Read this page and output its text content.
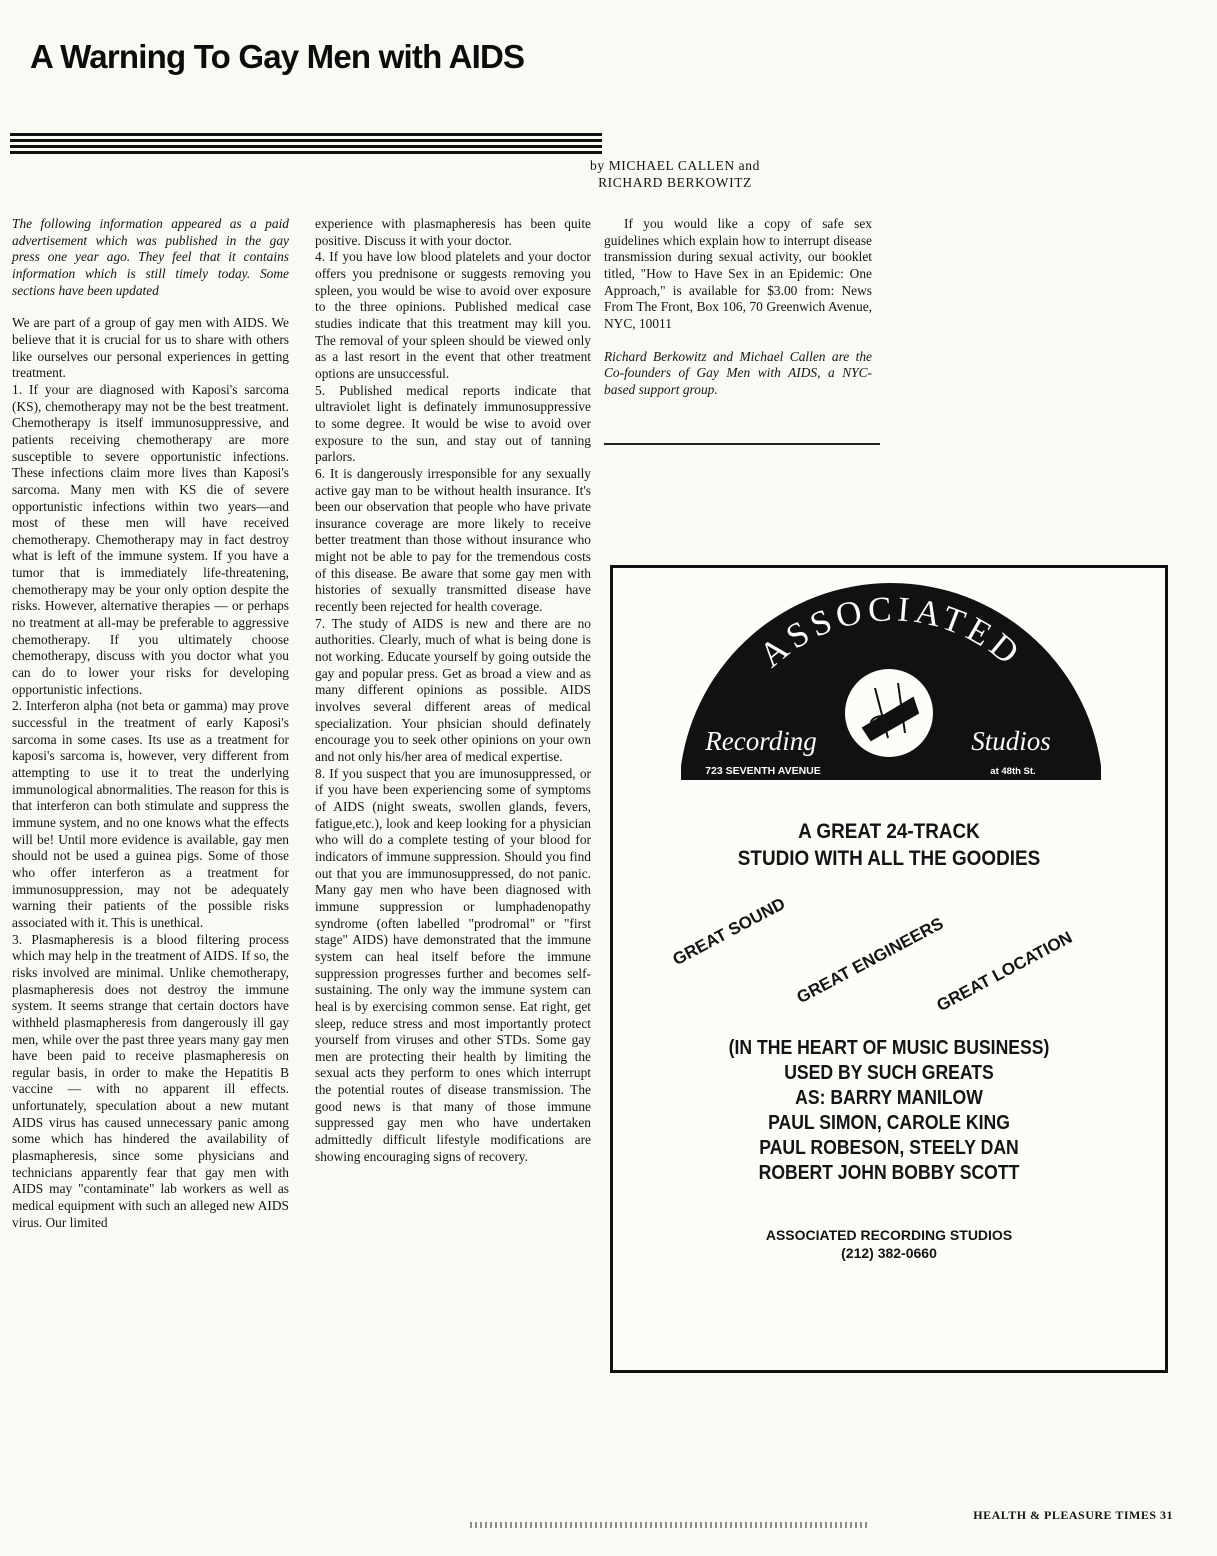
A Warning To Gay Men with AIDS
by MICHAEL CALLEN and
RICHARD BERKOWITZ

The following information appeared as a paid advertisement which was published in the gay press one year ago. They feel that it contains information which is still timely today. Some sections have been updated

We are part of a group of gay men with AIDS. We believe that it is crucial for us to share with others like ourselves our personal experiences in getting treatment.

1. If your are diagnosed with Kaposi's sarcoma (KS), chemotherapy may not be the best treatment. Chemotherapy is itself immunosuppressive, and patients receiving chemotherapy are more susceptible to severe opportunistic infections. These infections claim more lives than Kaposi's sarcoma. Many men with KS die of severe opportunistic infections within two years—and most of these men will have received chemotherapy. Chemotherapy may in fact destroy what is left of the immune system. If you have a tumor that is immediately life-threatening, chemotherapy may be your only option despite the risks. However, alternative therapies — or perhaps no treatment at all-may be preferable to aggressive chemotherapy. If you ultimately choose chemotherapy, discuss with you doctor what you can do to lower your risks for developing opportunistic infections.

2. Interferon alpha (not beta or gamma) may prove successful in the treatment of early Kaposi's sarcoma in some cases. Its use as a treatment for kaposi's sarcoma is, however, very different from attempting to use it to treat the underlying immunological abnormalities. The reason for this is that interferon can both stimulate and suppress the immune system, and no one knows what the effects will be! Until more evidence is available, gay men should not be used a guinea pigs. Some of those who offer interferon as a treatment for immunosuppression, may not be adequately warning their patients of the possible risks associated with it. This is unethical.

3. Plasmapheresis is a blood filtering process which may help in the treatment of AIDS. If so, the risks involved are minimal. Unlike chemotherapy, plasmapheresis does not destroy the immune system. It seems strange that certain doctors have withheld plasmapheresis from dangerously ill gay men, while over the past three years many gay men have been paid to receive plasmapheresis on regular basis, in order to make the Hepatitis B vaccine — with no apparent ill effects. unfortunately, speculation about a new mutant AIDS virus has caused unnecessary panic among some which has hindered the availability of plasmapheresis, since some physicians and technicians apparently fear that gay men with AIDS may "contaminate" lab workers as well as medical equipment with such an alleged new AIDS virus. Our limited

experience with plasmapheresis has been quite positive. Discuss it with your doctor.

4. If you have low blood platelets and your doctor offers you prednisone or suggests removing you spleen, you would be wise to avoid over exposure to the three opinions. Published medical case studies indicate that this treatment may kill you. The removal of your spleen should be viewed only as a last resort in the event that other treatment options are unsuccessful.

5. Published medical reports indicate that ultraviolet light is definately immunosuppressive to some degree. It would be wise to avoid over exposure to the sun, and stay out of tanning parlors.

6. It is dangerously irresponsible for any sexually active gay man to be without health insurance. It's been our observation that people who have private insurance coverage are more likely to receive better treatment than those without insurance who might not be able to pay for the tremendous costs of this disease. Be aware that some gay men with histories of sexually transmitted disease have recently been rejected for health coverage.

7. The study of AIDS is new and there are no authorities. Clearly, much of what is being done is not working. Educate yourself by going outside the gay and popular press. Get as broad a view and as many different opinions as possible. AIDS involves several different areas of medical specialization. Your phsician should definately encourage you to seek other opinions on your own and not only his/her area of medical expertise.

8. If you suspect that you are imunosuppressed, or if you have been experiencing some of symptoms of AIDS (night sweats, swollen glands, fevers, fatigue,etc.), look and keep looking for a physician who will do a complete testing of your blood for indicators of immune suppression. Should you find out that you are immunosuppressed, do not panic. Many gay men who have been diagnosed with immune suppression or lumphadenopathy syndrome (often labelled "prodromal" or "first stage" AIDS) have demonstrated that the immune system can heal itself before the immune suppression progresses further and becomes self-sustaining. The only way the immune system can heal is by exercising common sense. Eat right, get sleep, reduce stress and most importantly protect yourself from viruses and other STDs. Some gay men are protecting their health by limiting the sexual acts they perform to ones which interrupt the potential routes of disease transmission. The good news is that many of those immune suppressed gay men who have undertaken admittedly difficult lifestyle modifications are showing encouraging signs of recovery.

If you would like a copy of safe sex guidelines which explain how to interrupt disease transmission during sexual activity, our booklet titled, "How to Have Sex in an Epidemic: One Approach," is available for $3.00 from: News From The Front, Box 106, 70 Greenwich Avenue, NYC, 10011

Richard Berkowitz and Michael Callen are the Co-founders of Gay Men with AIDS, a NYC-based support group.

ASSOCIATED
Recording	Studios
723 SEVENTH AVENUE	at 48th St.
A GREAT 24-TRACK
STUDIO WITH ALL THE GOODIES
GREAT SOUND GREAT ENGINEERS
GREAT LOCATION
(IN THE HEART OF MUSIC BUSINESS)
USED BY SUCH GREATS
AS: BARRY MANILOW
PAUL SIMON, CAROLE KING
PAUL ROBESON, STEELY DAN
ROBERT JOHN BOBBY SCOTT
ASSOCIATED RECORDING STUDIOS
(212) 382-0660
HEALTH & PLEASURE TIMES 31
